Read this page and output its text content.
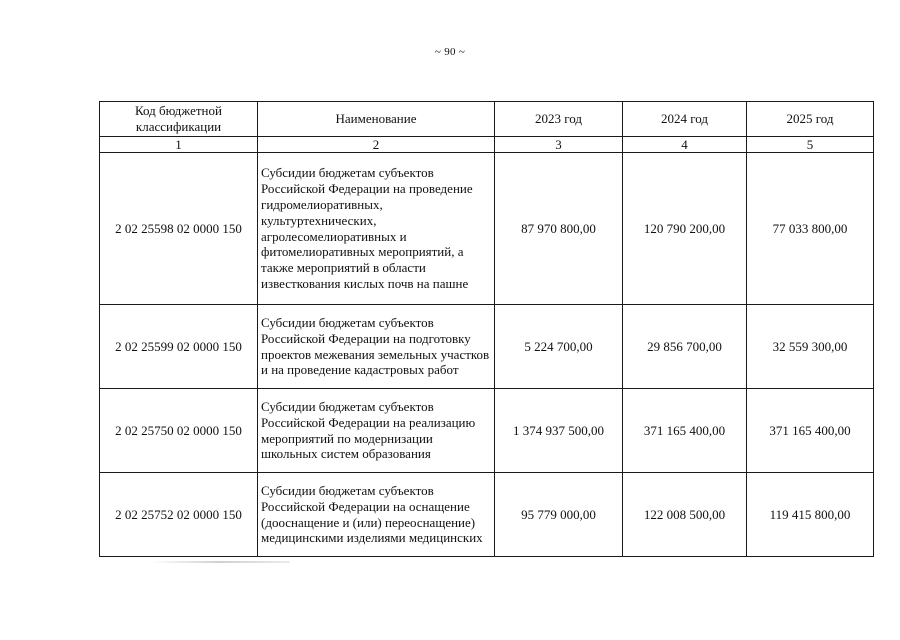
~ 90 ~
Код бюджетной классификации	Наименование	2023 год	2024 год	2025 год
1	2	3	4	5
2 02 25598 02 0000 150	Субсидии бюджетам субъектов Российской Федерации на проведение гидромелиоративных, культуртехнических, агролесомелиоративных и фитомелиоративных мероприятий, а также мероприятий в области известкования кислых почв на пашне	87 970 800,00	120 790 200,00	77 033 800,00
2 02 25599 02 0000 150	Субсидии бюджетам субъектов Российской Федерации на подготовку проектов межевания земельных участков и на проведение кадастровых работ	5 224 700,00	29 856 700,00	32 559 300,00
2 02 25750 02 0000 150	Субсидии бюджетам субъектов Российской Федерации на реализацию мероприятий по модернизации школьных систем образования	1 374 937 500,00	371 165 400,00	371 165 400,00
2 02 25752 02 0000 150	Субсидии бюджетам субъектов Российской Федерации на оснащение (дооснащение и (или) переоснащение) медицинскими изделиями медицинских	95 779 000,00	122 008 500,00	119 415 800,00
